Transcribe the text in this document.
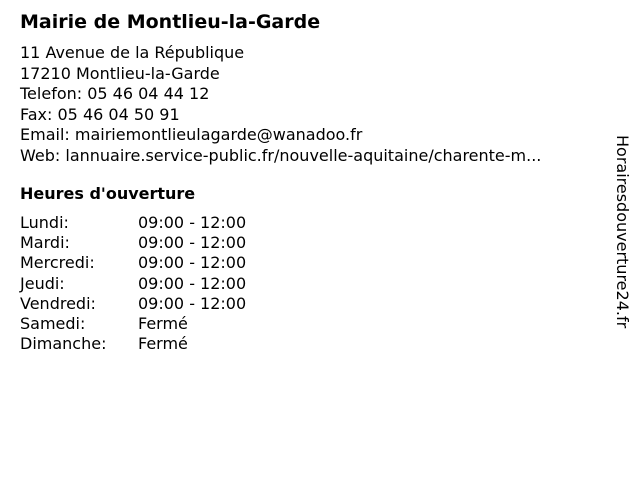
Mairie de Montlieu-la-Garde
11 Avenue de la République
17210 Montlieu-la-Garde
Telefon: 05 46 04 44 12
Fax: 05 46 04 50 91
Email: mairiemontlieulagarde@wanadoo.fr
Web: lannuaire.service-public.fr/nouvelle-aquitaine/charente-m...
Heures d'ouverture
Lundi:	09:00 - 12:00
Mardi:	09:00 - 12:00
Mercredi:	09:00 - 12:00
Jeudi:	09:00 - 12:00
Vendredi:	09:00 - 12:00
Samedi:	Fermé
Dimanche:	Fermé
Horairesdouverture24.fr
